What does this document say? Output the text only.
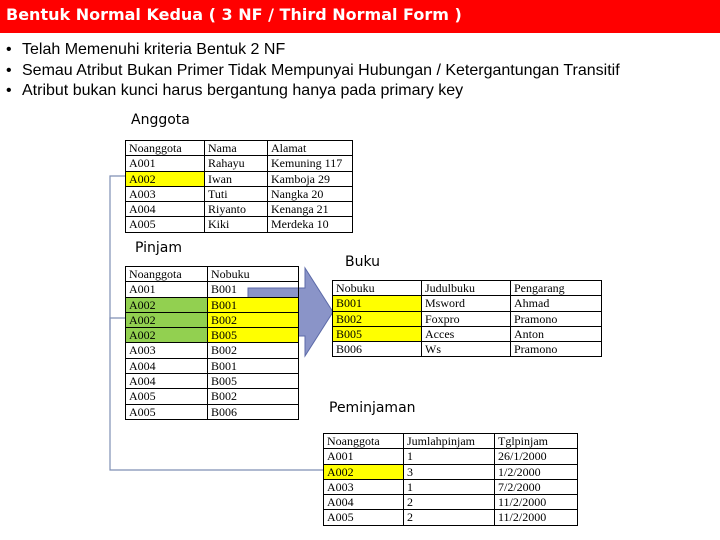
Bentuk Normal Kedua ( 3 NF / Third Normal Form )
• Telah Memenuhi kriteria Bentuk 2 NF
• Semau Atribut Bukan Primer Tidak Mempunyai Hubungan / Ketergantungan Transitif
• Atribut bukan kunci harus bergantung hanya pada primary key
Anggota
Noanggota	Nama	Alamat
A001	Rahayu	Kemuning 117
A002	Iwan	Kamboja 29
A003	Tuti	Nangka 20
A004	Riyanto	Kenanga 21
A005	Kiki	Merdeka 10
Pinjam
Noanggota	Nobuku
A001	B001
A002	B001
A002	B002
A002	B005
A003	B002
A004	B001
A004	B005
A005	B002
A005	B006
Buku
Nobuku	Judulbuku	Pengarang
B001	Msword	Ahmad
B002	Foxpro	Pramono
B005	Acces	Anton
B006	Ws	Pramono
Peminjaman
Noanggota	Jumlahpinjam	Tglpinjam
A001	1	26/1/2000
A002	3	1/2/2000
A003	1	7/2/2000
A004	2	11/2/2000
A005	2	11/2/2000
